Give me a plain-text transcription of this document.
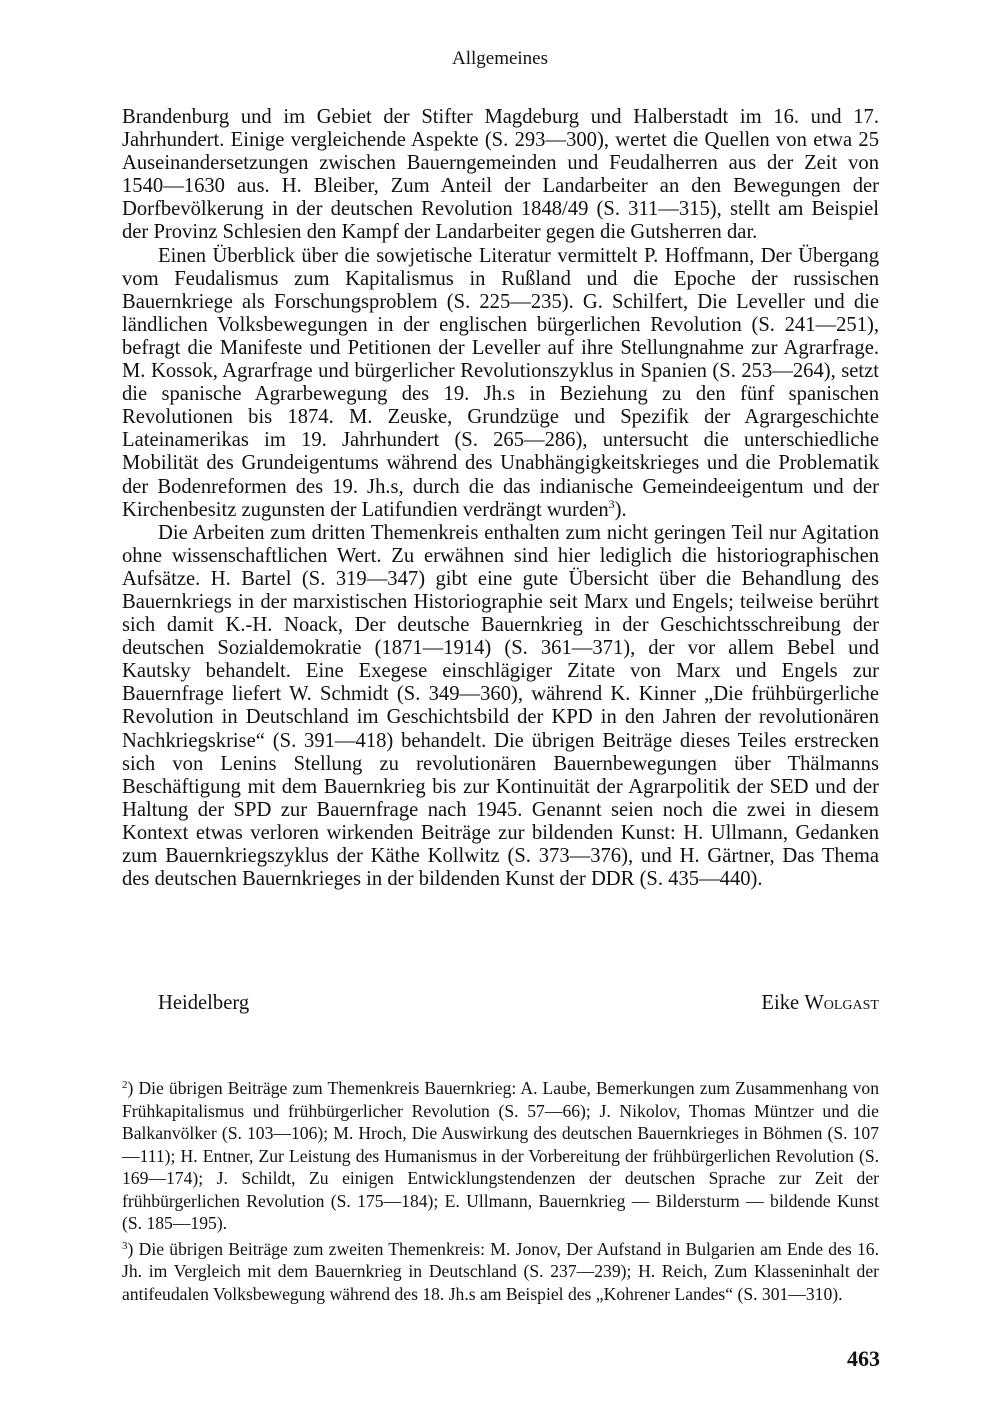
Allgemeines

Brandenburg und im Gebiet der Stifter Magdeburg und Halberstadt im 16. und 17. Jahrhundert. Einige vergleichende Aspekte (S. 293—300), wertet die Quellen von etwa 25 Auseinandersetzungen zwischen Bauerngemeinden und Feudalherren aus der Zeit von 1540—1630 aus. H. Bleiber, Zum Anteil der Landarbeiter an den Bewegungen der Dorfbevölkerung in der deutschen Revolution 1848/49 (S. 311—315), stellt am Beispiel der Provinz Schlesien den Kampf der Landarbeiter gegen die Gutsherren dar.

Einen Überblick über die sowjetische Literatur vermittelt P. Hoffmann, Der Übergang vom Feudalismus zum Kapitalismus in Rußland und die Epoche der russischen Bauernkriege als Forschungsproblem (S. 225—235). G. Schilfert, Die Leveller und die ländlichen Volksbewegungen in der englischen bürgerlichen Revolution (S. 241—251), befragt die Manifeste und Petitionen der Leveller auf ihre Stellungnahme zur Agrarfrage. M. Kossok, Agrarfrage und bürgerlicher Revolutionszyklus in Spanien (S. 253—264), setzt die spanische Agrarbewegung des 19. Jh.s in Beziehung zu den fünf spanischen Revolutionen bis 1874. M. Zeuske, Grundzüge und Spezifik der Agrargeschichte Lateinamerikas im 19. Jahrhundert (S. 265—286), untersucht die unterschiedliche Mobilität des Grundeigentums während des Unabhängigkeitskrieges und die Problematik der Bodenreformen des 19. Jh.s, durch die das indianische Gemeindeeigentum und der Kirchenbesitz zugunsten der Latifundien verdrängt wurden$^3$).

Die Arbeiten zum dritten Themenkreis enthalten zum nicht geringen Teil nur Agitation ohne wissenschaftlichen Wert. Zu erwähnen sind hier lediglich die historiographischen Aufsätze. H. Bartel (S. 319—347) gibt eine gute Übersicht über die Behandlung des Bauernkriegs in der marxistischen Historiographie seit Marx und Engels; teilweise berührt sich damit K.-H. Noack, Der deutsche Bauernkrieg in der Geschichtsschreibung der deutschen Sozialdemokratie (1871—1914) (S. 361—371), der vor allem Bebel und Kautsky behandelt. Eine Exegese einschlägiger Zitate von Marx und Engels zur Bauernfrage liefert W. Schmidt (S. 349—360), während K. Kinner „Die frühbürgerliche Revolution in Deutschland im Geschichtsbild der KPD in den Jahren der revolutionären Nachkriegskrise“ (S. 391—418) behandelt. Die übrigen Beiträge dieses Teiles erstrecken sich von Lenins Stellung zu revolutionären Bauernbewegungen über Thälmanns Beschäftigung mit dem Bauernkrieg bis zur Kontinuität der Agrarpolitik der SED und der Haltung der SPD zur Bauernfrage nach 1945. Genannt seien noch die zwei in diesem Kontext etwas verloren wirkenden Beiträge zur bildenden Kunst: H. Ullmann, Gedanken zum Bauernkriegszyklus der Käthe Kollwitz (S. 373—376), und H. Gärtner, Das Thema des deutschen Bauernkrieges in der bildenden Kunst der DDR (S. 435—440).

Heidelberg	Eike Wolgast

$^2$) Die übrigen Beiträge zum Themenkreis Bauernkrieg: A. Laube, Bemerkungen zum Zusammenhang von Frühkapitalismus und frühbürgerlicher Revolution (S. 57—66); J. Nikolov, Thomas Müntzer und die Balkanvölker (S. 103—106); M. Hroch, Die Auswirkung des deutschen Bauernkrieges in Böhmen (S. 107—111); H. Entner, Zur Leistung des Humanismus in der Vorbereitung der frühbürgerlichen Revolution (S. 169—174); J. Schildt, Zu einigen Entwicklungstendenzen der deutschen Sprache zur Zeit der frühbürgerlichen Revolution (S. 175—184); E. Ullmann, Bauernkrieg — Bildersturm — bildende Kunst (S. 185—195).

$^3$) Die übrigen Beiträge zum zweiten Themenkreis: M. Jonov, Der Aufstand in Bulgarien am Ende des 16. Jh. im Vergleich mit dem Bauernkrieg in Deutschland (S. 237—239); H. Reich, Zum Klasseninhalt der antifeudalen Volksbewegung während des 18. Jh.s am Beispiel des „Kohrener Landes“ (S. 301—310).

463
